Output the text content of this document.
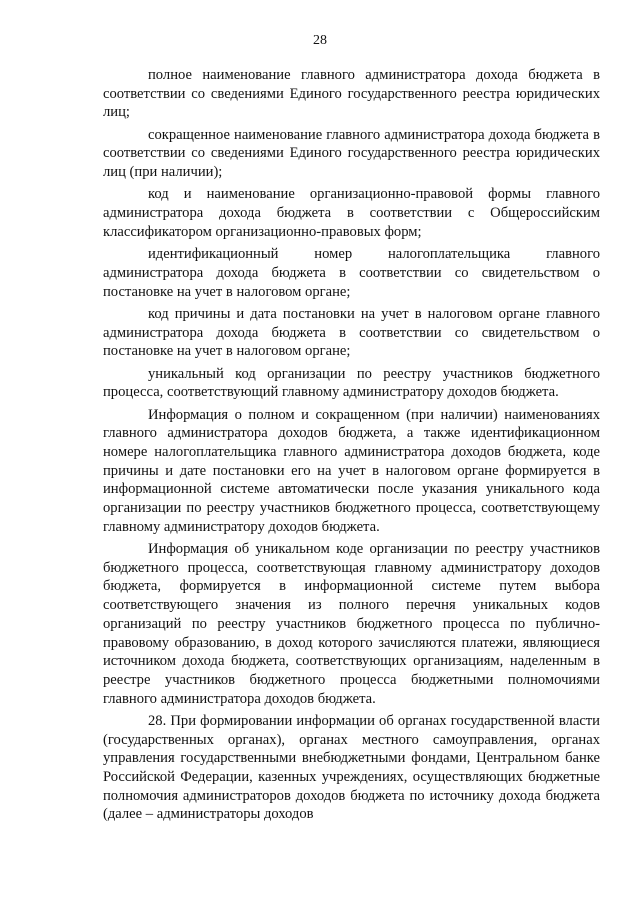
28

полное наименование главного администратора дохода бюджета в соответствии со сведениями Единого государственного реестра юридических лиц;

сокращенное наименование главного администратора дохода бюджета в соответствии со сведениями Единого государственного реестра юридических лиц (при наличии);

код и наименование организационно-правовой формы главного администратора дохода бюджета в соответствии с Общероссийским классификатором организационно-правовых форм;

идентификационный номер налогоплательщика главного администратора дохода бюджета в соответствии со свидетельством о постановке на учет в налоговом органе;

код причины и дата постановки на учет в налоговом органе главного администратора дохода бюджета в соответствии со свидетельством о постановке на учет в налоговом органе;

уникальный код организации по реестру участников бюджетного процесса, соответствующий главному администратору доходов бюджета.

Информация о полном и сокращенном (при наличии) наименованиях главного администратора доходов бюджета, а также идентификационном номере налогоплательщика главного администратора доходов бюджета, коде причины и дате постановки его на учет в налоговом органе формируется в информационной системе автоматически после указания уникального кода организации по реестру участников бюджетного процесса, соответствующему главному администратору доходов бюджета.

Информация об уникальном коде организации по реестру участников бюджетного процесса, соответствующая главному администратору доходов бюджета, формируется в информационной системе путем выбора соответствующего значения из полного перечня уникальных кодов организаций по реестру участников бюджетного процесса по публично-правовому образованию, в доход которого зачисляются платежи, являющиеся источником дохода бюджета, соответствующих организациям, наделенным в реестре участников бюджетного процесса бюджетными полномочиями главного администратора доходов бюджета.

28. При формировании информации об органах государственной власти (государственных органах), органах местного самоуправления, органах управления государственными внебюджетными фондами, Центральном банке Российской Федерации, казенных учреждениях, осуществляющих бюджетные полномочия администраторов доходов бюджета по источнику дохода бюджета (далее – администраторы доходов
